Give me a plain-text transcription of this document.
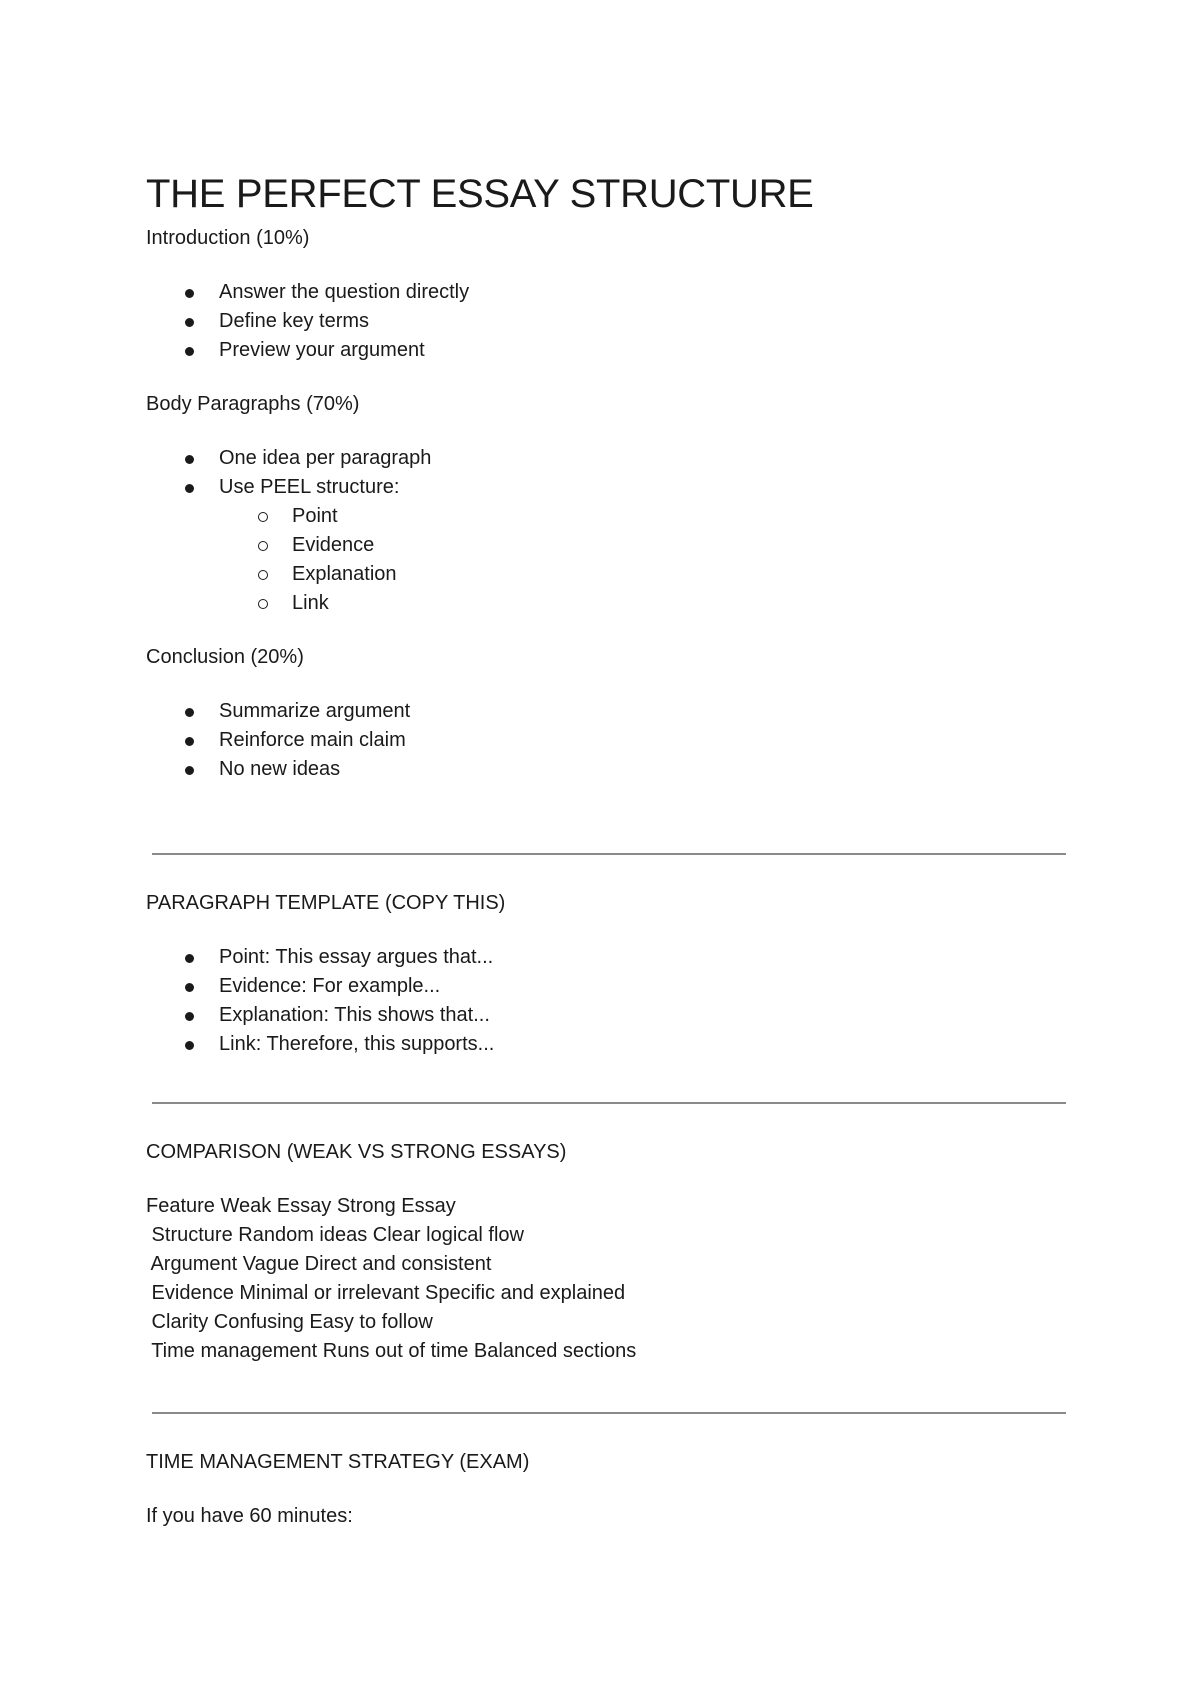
THE PERFECT ESSAY STRUCTURE
Introduction (10%)
Answer the question directly
Define key terms
Preview your argument
Body Paragraphs (70%)
One idea per paragraph
Use PEEL structure:
Point
Evidence
Explanation
Link
Conclusion (20%)
Summarize argument
Reinforce main claim
No new ideas
PARAGRAPH TEMPLATE (COPY THIS)
Point: This essay argues that...
Evidence: For example...
Explanation: This shows that...
Link: Therefore, this supports...
COMPARISON (WEAK VS STRONG ESSAYS)
Feature Weak Essay Strong Essay
Structure Random ideas Clear logical flow
Argument Vague Direct and consistent
Evidence Minimal or irrelevant Specific and explained
Clarity Confusing Easy to follow
Time management Runs out of time Balanced sections
TIME MANAGEMENT STRATEGY (EXAM)
If you have 60 minutes:
